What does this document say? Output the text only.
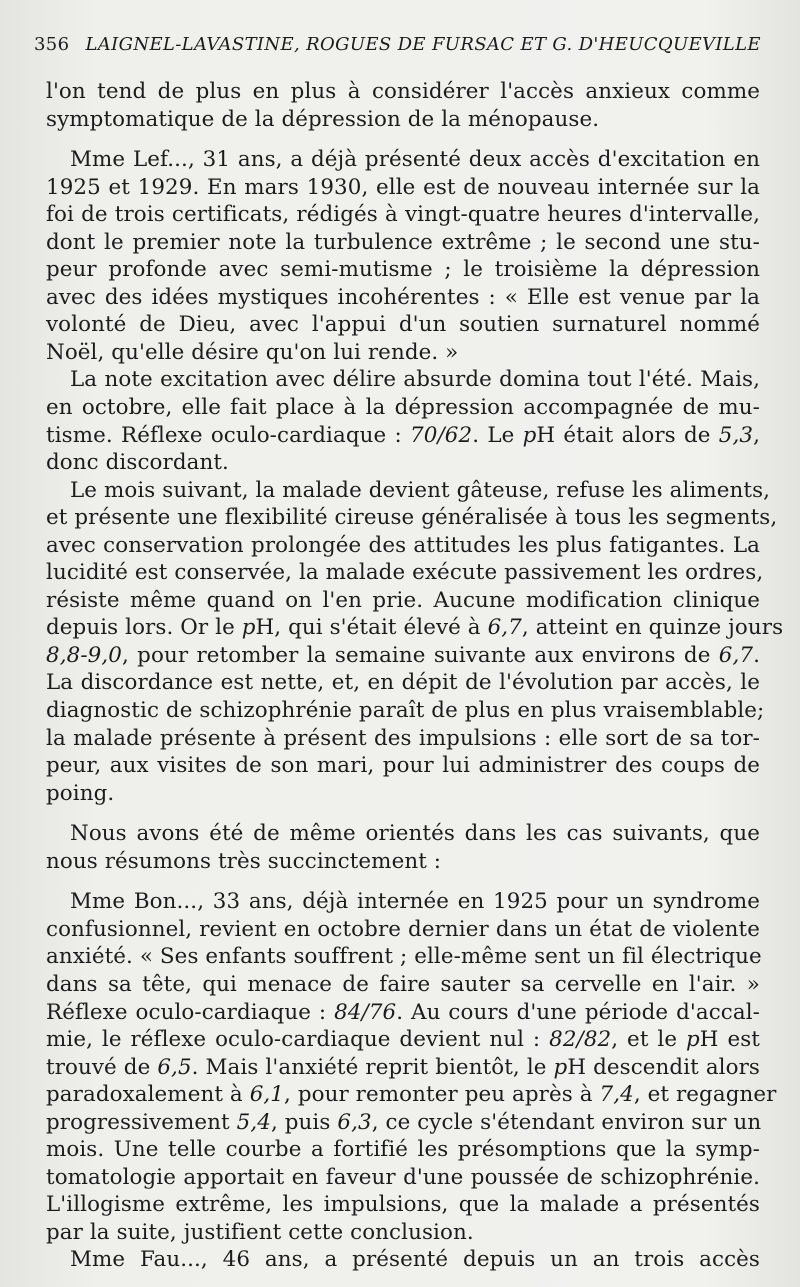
356 LAIGNEL-LAVASTINE, ROGUES DE FURSAC ET G. D'HEUCQUEVILLE
l'on tend de plus en plus à considérer l'accès anxieux comme
symptomatique de la dépression de la ménopause.
Mme Lef..., 31 ans, a déjà présenté deux accès d'excitation en
1925 et 1929. En mars 1930, elle est de nouveau internée sur la
foi de trois certificats, rédigés à vingt-quatre heures d'intervalle,
dont le premier note la turbulence extrême ; le second une stu-
peur profonde avec semi-mutisme ; le troisième la dépression
avec des idées mystiques incohérentes : « Elle est venue par la
volonté de Dieu, avec l'appui d'un soutien surnaturel nommé
Noël, qu'elle désire qu'on lui rende. »
La note excitation avec délire absurde domina tout l'été. Mais,
en octobre, elle fait place à la dépression accompagnée de mu-
tisme. Réflexe oculo-cardiaque : 70/62. Le pH était alors de 5,3,
donc discordant.
Le mois suivant, la malade devient gâteuse, refuse les aliments,
et présente une flexibilité cireuse généralisée à tous les segments,
avec conservation prolongée des attitudes les plus fatigantes. La
lucidité est conservée, la malade exécute passivement les ordres,
résiste même quand on l'en prie. Aucune modification clinique
depuis lors. Or le pH, qui s'était élevé à 6,7, atteint en quinze jours
8,8-9,0, pour retomber la semaine suivante aux environs de 6,7.
La discordance est nette, et, en dépit de l'évolution par accès, le
diagnostic de schizophrénie paraît de plus en plus vraisemblable;
la malade présente à présent des impulsions : elle sort de sa tor-
peur, aux visites de son mari, pour lui administrer des coups de
poing.
Nous avons été de même orientés dans les cas suivants, que
nous résumons très succinctement :
Mme Bon..., 33 ans, déjà internée en 1925 pour un syndrome
confusionnel, revient en octobre dernier dans un état de violente
anxiété. « Ses enfants souffrent ; elle-même sent un fil électrique
dans sa tête, qui menace de faire sauter sa cervelle en l'air. »
Réflexe oculo-cardiaque : 84/76. Au cours d'une période d'accal-
mie, le réflexe oculo-cardiaque devient nul : 82/82, et le pH est
trouvé de 6,5. Mais l'anxiété reprit bientôt, le pH descendit alors
paradoxalement à 6,1, pour remonter peu après à 7,4, et regagner
progressivement 5,4, puis 6,3, ce cycle s'étendant environ sur un
mois. Une telle courbe a fortifié les présomptions que la symp-
tomatologie apportait en faveur d'une poussée de schizophrénie.
L'illogisme extrême, les impulsions, que la malade a présentés
par la suite, justifient cette conclusion.
Mme Fau..., 46 ans, a présenté depuis un an trois accès
